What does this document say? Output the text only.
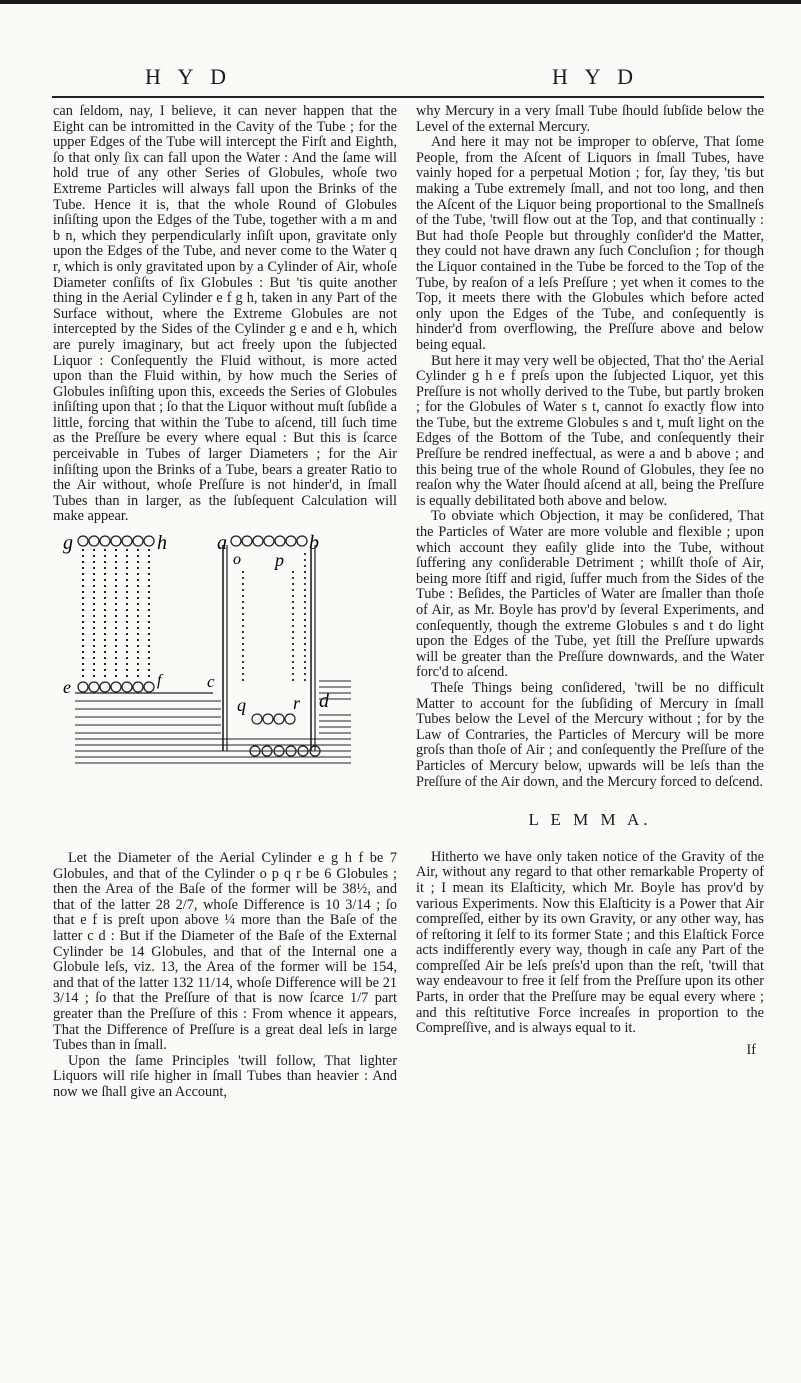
H Y D	H Y D

can ſeldom, nay, I believe, it can never happen that the Eight can be intromitted in the Cavity of the Tube ; for the upper Edges of the Tube will intercept the Firſt and Eighth, ſo that only ſix can fall upon the Water : And the ſame will hold true of any other Series of Globules, whoſe two Extreme Particles will always fall upon the Brinks of the Tube. Hence it is, that the whole Round of Globules inſiſting upon the Edges of the Tube, together with a m and b n, which they perpendicularly inſiſt upon, gravitate only upon the Edges of the Tube, and never come to the Water q r, which is only gravitated upon by a Cylinder of Air, whoſe Diameter conſiſts of ſix Globules : But 'tis quite another thing in the Aerial Cylinder e f g h, taken in any Part of the Surface without, where the Extreme Globules are not intercepted by the Sides of the Cylinder g e and e h, which are purely imaginary, but act freely upon the ſubjected Liquor : Conſequently the Fluid without, is more acted upon than the Fluid within, by how much the Series of Globules inſiſting upon this, exceeds the Series of Globules inſiſting upon that ; ſo that the Liquor without muſt ſubſide a little, forcing that within the Tube to aſcend, till ſuch time as the Preſſure be every where equal : But this is ſcarce perceivable in Tubes of larger Diameters ; for the Air inſiſting upon the Brinks of a Tube, bears a greater Ratio to the Air without, whoſe Preſſure is not hinder'd, in ſmall Tubes than in larger, as the ſubſequent Calculation will make appear.

g	h	a	b
e	f	c
o p
d
q	r

Let the Diameter of the Aerial Cylinder e g h f be 7 Globules, and that of the Cylinder o p q r be 6 Globules ; then the Area of the Baſe of the former will be 38½, and that of the latter 28 2/7, whoſe Difference is 10 3/14 ; ſo that e f is preſt upon above ¼ more than the Baſe of the latter c d : But if the Diameter of the Baſe of the External Cylinder be 14 Globules, and that of the Internal one a Globule leſs, viz. 13, the Area of the former will be 154, and that of the latter 132 11/14, whoſe Difference will be 21 3/14 ; ſo that the Preſſure of that is now ſcarce 1/7 part greater than the Preſſure of this : From whence it appears, That the Difference of Preſſure is a great deal leſs in large Tubes than in ſmall.

Upon the ſame Principles 'twill follow, That lighter Liquors will riſe higher in ſmall Tubes than heavier : And now we ſhall give an Account,

why Mercury in a very ſmall Tube ſhould ſubſide below the Level of the external Mercury.

And here it may not be improper to obſerve, That ſome People, from the Aſcent of Liquors in ſmall Tubes, have vainly hoped for a perpetual Motion ; for, ſay they, 'tis but making a Tube extremely ſmall, and not too long, and then the Aſcent of the Liquor being proportional to the Smallneſs of the Tube, 'twill flow out at the Top, and that continually : But had thoſe People but throughly conſider'd the Matter, they could not have drawn any ſuch Concluſion ; for though the Liquor contained in the Tube be forced to the Top of the Tube, by reaſon of a leſs Preſſure ; yet when it comes to the Top, it meets there with the Globules which before acted only upon the Edges of the Tube, and conſequently is hinder'd from overflowing, the Preſſure above and below being equal.

But here it may very well be objected, That tho' the Aerial Cylinder g h e f preſs upon the ſubjected Liquor, yet this Preſſure is not wholly derived to the Tube, but partly broken ; for the Globules of Water s t, cannot ſo exactly flow into the Tube, but the extreme Globules s and t, muſt light on the Edges of the Bottom of the Tube, and conſequently their Preſſure be rendred ineffectual, as were a and b above ; and this being true of the whole Round of Globules, they ſee no reaſon why the Water ſhould aſcend at all, being the Preſſure is equally debilitated both above and below.

To obviate which Objection, it may be conſidered, That the Particles of Water are more voluble and flexible ; upon which account they eaſily glide into the Tube, without ſuffering any conſiderable Detriment ; whilſt thoſe of Air, being more ſtiff and rigid, ſuffer much from the Sides of the Tube : Beſides, the Particles of Water are ſmaller than thoſe of Air, as Mr. Boyle has prov'd by ſeveral Experiments, and conſequently, though the extreme Globules s and t do light upon the Edges of the Tube, yet ſtill the Preſſure upwards will be greater than the Preſſure downwards, and the Water forc'd to aſcend.

Theſe Things being conſidered, 'twill be no difficult Matter to account for the ſubſiding of Mercury in ſmall Tubes below the Level of the Mercury without ; for by the Law of Contraries, the Particles of Mercury will be more groſs than thoſe of Air ; and conſequently the Preſſure of the Particles of Mercury below, upwards will be leſs than the Preſſure of the Air down, and the Mercury forced to deſcend.

L E M M A.

Hitherto we have only taken notice of the Gravity of the Air, without any regard to that other remarkable Property of it ; I mean its Elaſticity, which Mr. Boyle has prov'd by various Experiments. Now this Elaſticity is a Power that Air compreſſed, either by its own Gravity, or any other way, has of reſtoring it ſelf to its former State ; and this Elaſtick Force acts indifferently every way, though in caſe any Part of the compreſſed Air be leſs preſs'd upon than the reſt, 'twill that way endeavour to free it ſelf from the Preſſure upon its other Parts, in order that the Preſſure may be equal every where ; and this reſtitutive Force increaſes in proportion to the Compreſſive, and is always equal to it.

If
